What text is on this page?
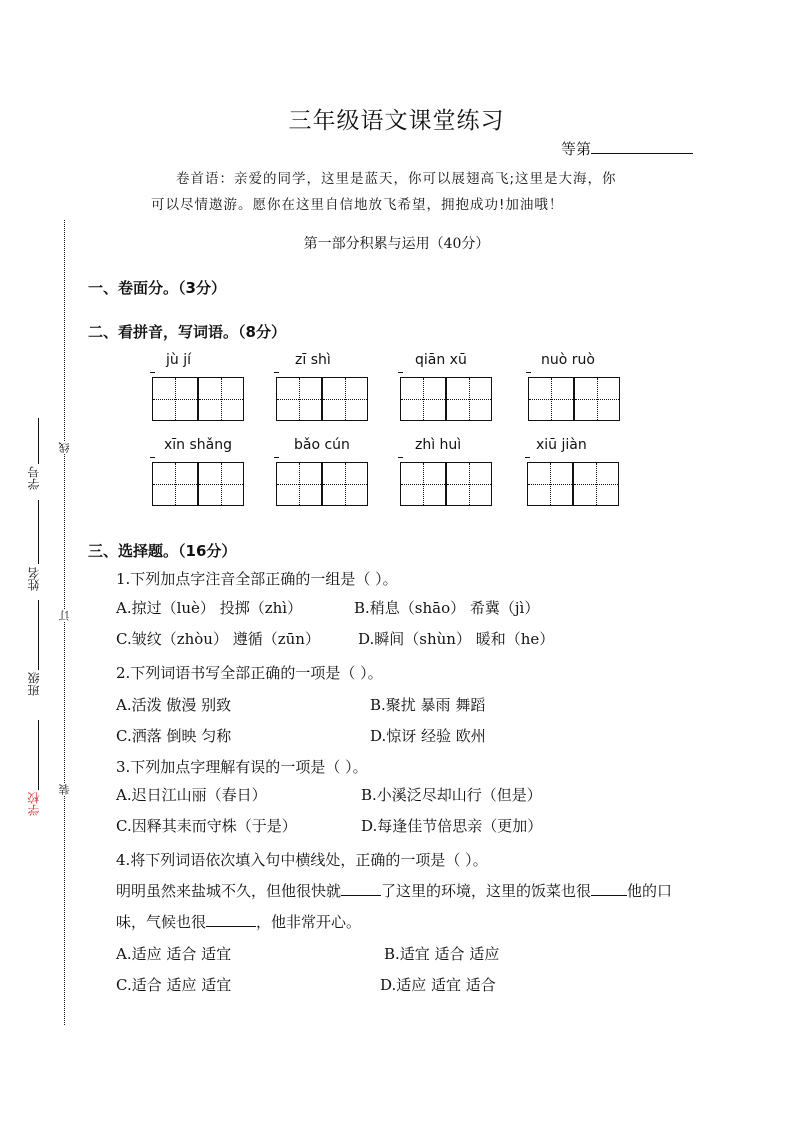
三年级语文课堂练习
等第
卷首语：亲爱的同学，这里是蓝天，你可以展翅高飞;这里是大海，你
可以尽情遨游。愿你在这里自信地放飞希望，拥抱成功!加油哦！
第一部分积累与运用（40分）
一、卷面分。（3分）
二、看拼音，写词语。（8分）
jù jí	zī shì	qiān xū	nuò ruò
xīn shǎng	bǎo cún	zhì huì	xiū jiàn
三、选择题。（16分）
1.下列加点字注音全部正确的一组是（ ）。
A.掠过（luè） 投掷（zhì）	B.稍息（shāo） 希冀（jì）
C.皱纹（zhòu） 遵循（zūn）	D.瞬间（shùn） 暖和（he）
2.下列词语书写全部正确的一项是（ ）。
A.活泼 傲漫 别致	B.聚扰 暴雨 舞蹈
C.洒落 倒映 匀称	D.惊讶 经验 欧州
3.下列加点字理解有误的一项是（ ）。
A.迟日江山丽（春日）	B.小溪泛尽却山行（但是）
C.因释其耒而守株（于是）	D.每逢佳节倍思亲（更加）
4.将下列词语依次填入句中横线处，正确的一项是（ ）。
明明虽然来盐城不久，但他很快就	了这里的环境，这里的饭菜也很 他的口
味，气候也很	，他非常开心。
A.适应 适合 适宜	B.适宜 适合 适应
C.适合 适应 适宜	D.适应 适宜 适合
学校
班级
姓名
学号
装
订
线
